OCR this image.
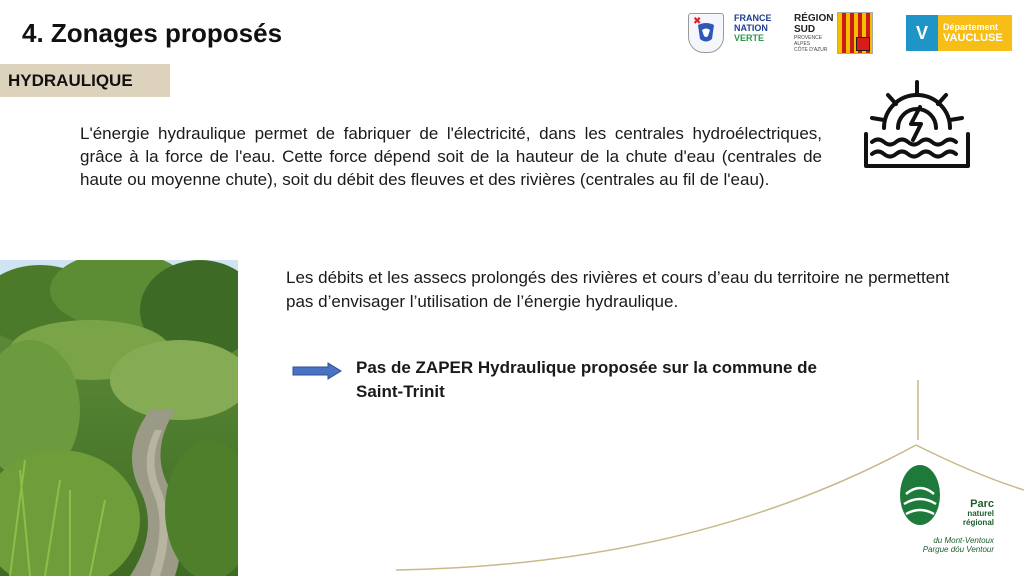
4. Zonages proposés
HYDRAULIQUE
✖	FRANCE
NATION
VERTE
RÉGION
SUD
PROVENCE
ALPES
CÔTE D'AZUR
V	Département
VAUCLUSE

L'énergie hydraulique permet de fabriquer de l'électricité, dans les centrales hydroélectriques, grâce à la force de l'eau. Cette force dépend soit de la hauteur de la chute d'eau (centrales de haute ou moyenne chute), soit du débit des fleuves et des rivières (centrales au fil de l'eau).

Les débits et les assecs prolongés des rivières et cours d’eau du territoire ne permettent pas d’envisager l’utilisation de l’énergie hydraulique.

Pas de ZAPER Hydraulique proposée sur la commune de Saint-Trinit

Parc
naturel
régional
du Mont-Ventoux
Pargue dóu Ventour
